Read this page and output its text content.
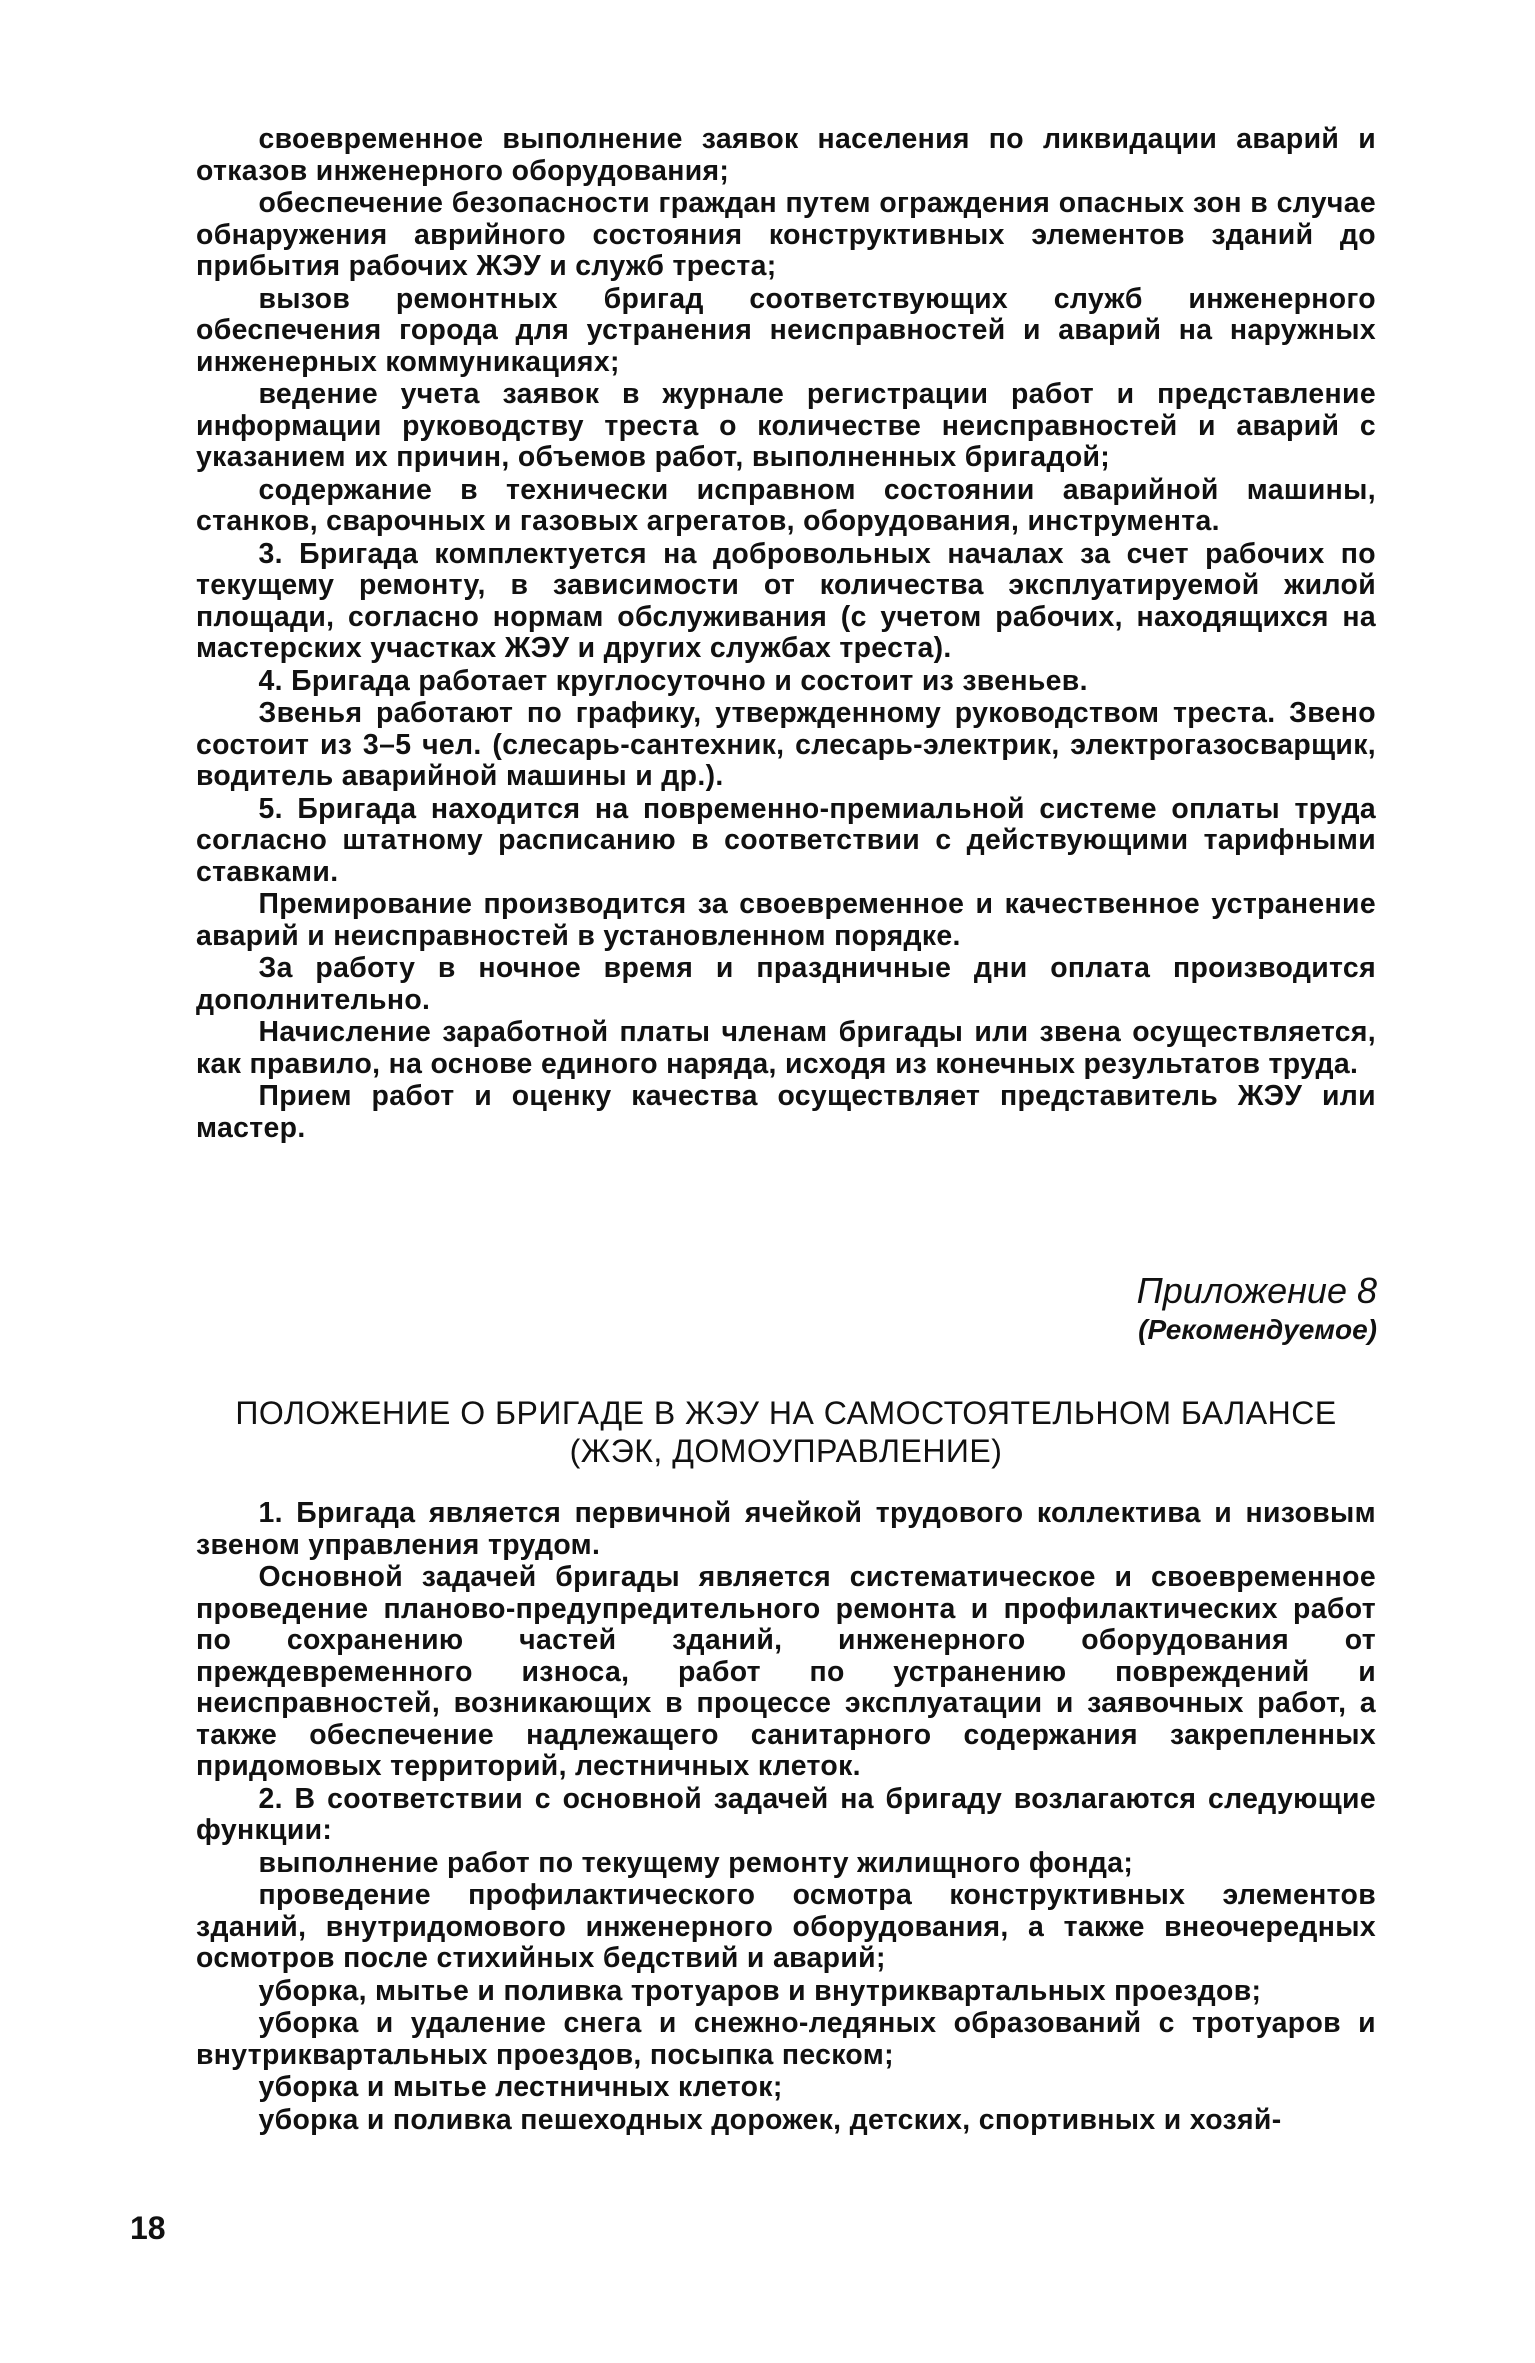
своевременное выполнение заявок населения по ликвидации аварий и отказов инженерного оборудования;

обеспечение безопасности граждан путем ограждения опасных зон в случае обнаружения аврийного состояния конструктивных элементов зданий до прибытия рабочих ЖЭУ и служб треста;

вызов ремонтных бригад соответствующих служб инженерного обеспечения города для устранения неисправностей и аварий на наружных инженерных коммуникациях;

ведение учета заявок в журнале регистрации работ и представление информации руководству треста о количестве неисправностей и аварий с указанием их причин, объемов работ, выполненных бригадой;

содержание в технически исправном состоянии аварийной машины, станков, сварочных и газовых агрегатов, оборудования, инструмента.

3. Бригада комплектуется на добровольных началах за счет рабочих по текущему ремонту, в зависимости от количества эксплуатируемой жилой площади, согласно нормам обслуживания (с учетом рабочих, находящихся на мастерских участках ЖЭУ и других службах треста).

4. Бригада работает круглосуточно и состоит из звеньев.

Звенья работают по графику, утвержденному руководством треста. Звено состоит из 3–5 чел. (слесарь-сантехник, слесарь-электрик, электрогазосварщик, водитель аварийной машины и др.).

5. Бригада находится на повременно-премиальной системе оплаты труда согласно штатному расписанию в соответствии с действующими тарифными ставками.

Премирование производится за своевременное и качественное устранение аварий и неисправностей в установленном порядке.

За работу в ночное время и праздничные дни оплата производится дополнительно.

Начисление заработной платы членам бригады или звена осуществляется, как правило, на основе единого наряда, исходя из конечных результатов труда.

Прием работ и оценку качества осуществляет представитель ЖЭУ или мастер.

Приложение 8
(Рекомендуемое)
ПОЛОЖЕНИЕ О БРИГАДЕ В ЖЭУ НА САМОСТОЯТЕЛЬНОМ БАЛАНСЕ (ЖЭК, ДОМОУПРАВЛЕНИЕ)

1. Бригада является первичной ячейкой трудового коллектива и низовым звеном управления трудом.

Основной задачей бригады является систематическое и своевременное проведение планово-предупредительного ремонта и профилактических работ по сохранению частей зданий, инженерного оборудования от преждевременного износа, работ по устранению повреждений и неисправностей, возникающих в процессе эксплуатации и заявочных работ, а также обеспечение надлежащего санитарного содержания закрепленных придомовых территорий, лестничных клеток.

2. В соответствии с основной задачей на бригаду возлагаются следующие функции:

выполнение работ по текущему ремонту жилищного фонда;

проведение профилактического осмотра конструктивных элементов зданий, внутридомового инженерного оборудования, а также внеочередных осмотров после стихийных бедствий и аварий;

уборка, мытье и поливка тротуаров и внутриквартальных проездов;

уборка и удаление снега и снежно-ледяных образований с тротуаров и внутриквартальных проездов, посыпка песком;

уборка и мытье лестничных клеток;

уборка и поливка пешеходных дорожек, детских, спортивных и хозяй-

18
